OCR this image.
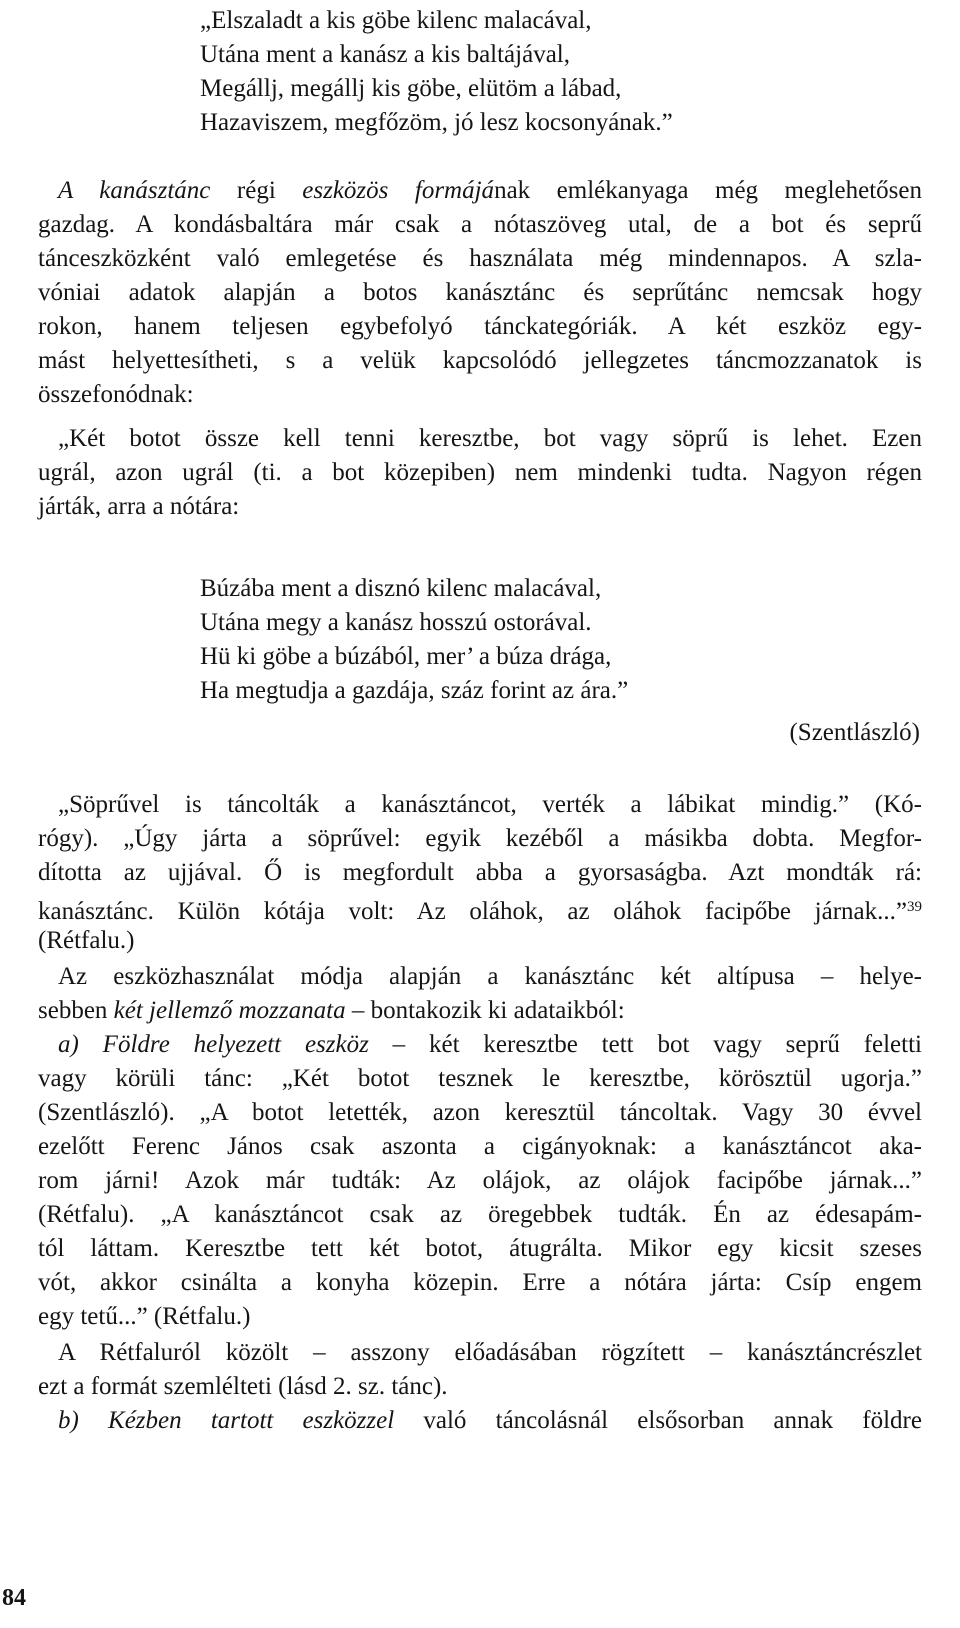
„Elszaladt a kis göbe kilenc malacával,
Utána ment a kanász a kis baltájával,
Megállj, megállj kis göbe, elütöm a lábad,
Hazaviszem, megfőzöm, jó lesz kocsonyának.”
A kanásztánc régi eszközös formájának emlékanyaga még meglehetősen
gazdag. A kondásbaltára már csak a nótaszöveg utal, de a bot és seprű
tánceszközként való emlegetése és használata még mindennapos. A szla-
vóniai adatok alapján a botos kanásztánc és seprűtánc nemcsak hogy
rokon, hanem teljesen egybefolyó tánckategóriák. A két eszköz egy-
mást helyettesítheti, s a velük kapcsolódó jellegzetes táncmozzanatok is
összefonódnak:
„Két botot össze kell tenni keresztbe, bot vagy söprű is lehet. Ezen
ugrál, azon ugrál (ti. a bot közepiben) nem mindenki tudta. Nagyon régen
járták, arra a nótára:
Búzába ment a disznó kilenc malacával,
Utána megy a kanász hosszú ostorával.
Hü ki göbe a búzából, mer’ a búza drága,
Ha megtudja a gazdája, száz forint az ára.”
(Szentlászló)
„Söprűvel is táncolták a kanásztáncot, verték a lábikat mindig.” (Kó-
rógy). „Úgy járta a söprűvel: egyik kezéből a másikba dobta. Megfor-
dította az ujjával. Ő is megfordult abba a gyorsaságba. Azt mondták rá:
kanásztánc. Külön kótája volt: Az oláhok, az oláhok facipőbe járnak...”$^{39}$
(Rétfalu.)
Az eszközhasználat módja alapján a kanásztánc két altípusa – helye-
sebben két jellemző mozzanata – bontakozik ki adataikból:
a) Földre helyezett eszköz – két keresztbe tett bot vagy seprű feletti
vagy körüli tánc: „Két botot tesznek le keresztbe, körösztül ugorja.”
(Szentlászló). „A botot letették, azon keresztül táncoltak. Vagy 30 évvel
ezelőtt Ferenc János csak aszonta a cigányoknak: a kanásztáncot aka-
rom járni! Azok már tudták: Az olájok, az olájok facipőbe járnak...”
(Rétfalu). „A kanásztáncot csak az öregebbek tudták. Én az édesapám-
tól láttam. Keresztbe tett két botot, átugrálta. Mikor egy kicsit szeses
vót, akkor csinálta a konyha közepin. Erre a nótára járta: Csíp engem
egy tetű...” (Rétfalu.)
A Rétfaluról közölt – asszony előadásában rögzített – kanásztáncrészlet
ezt a formát szemlélteti (lásd 2. sz. tánc).
b) Kézben tartott eszközzel való táncolásnál elsősorban annak földre
84
